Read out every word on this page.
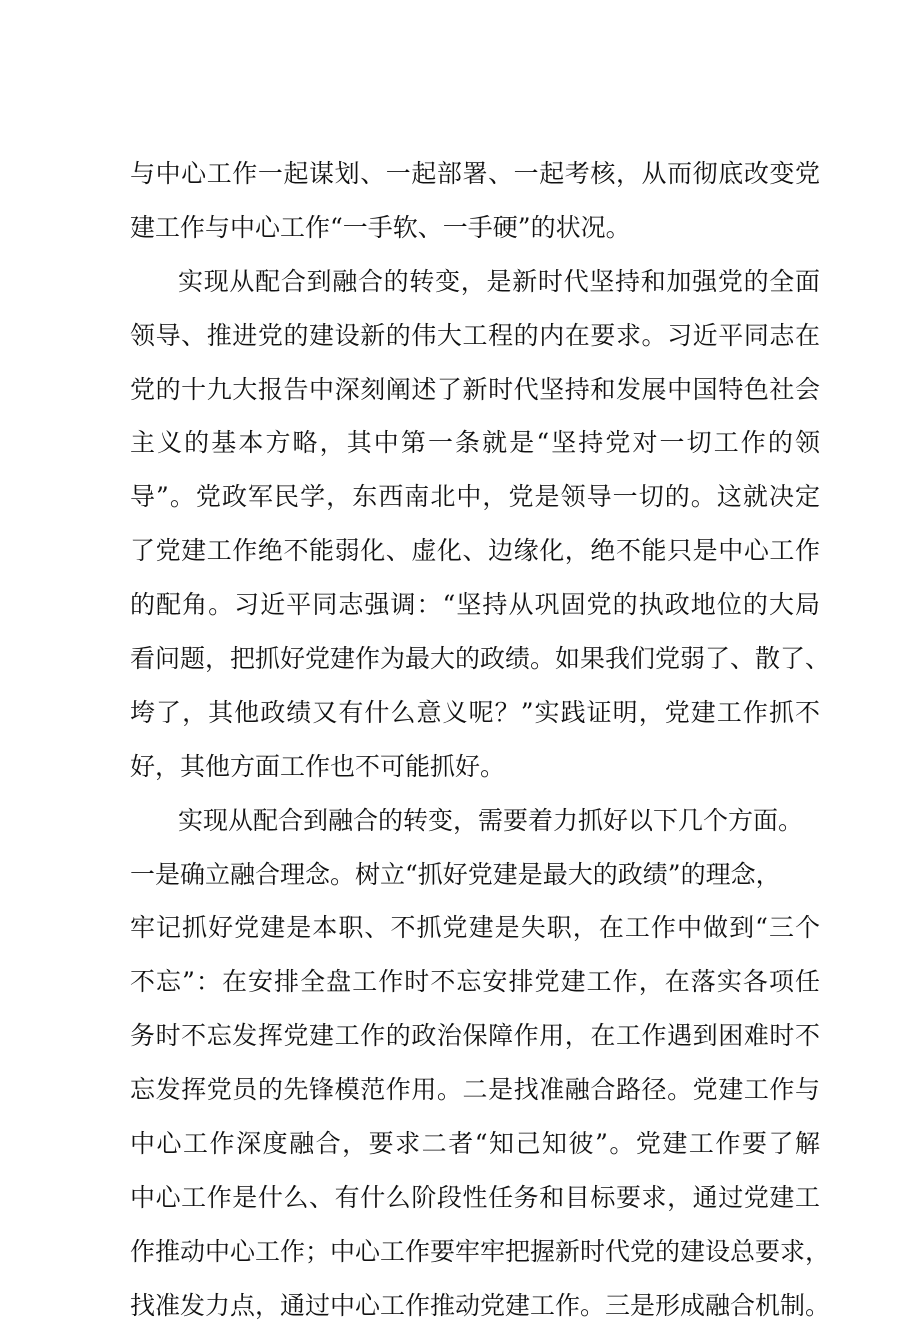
与中心工作一起谋划、一起部署、一起考核，从而彻底改变党
建工作与中心工作“一手软、一手硬”的状况。
实现从配合到融合的转变，是新时代坚持和加强党的全面
领导、推进党的建设新的伟大工程的内在要求。习近平同志在
党的十九大报告中深刻阐述了新时代坚持和发展中国特色社会
主义的基本方略，其中第一条就是“坚持党对一切工作的领
导”。党政军民学，东西南北中，党是领导一切的。这就决定
了党建工作绝不能弱化、虚化、边缘化，绝不能只是中心工作
的配角。习近平同志强调：“坚持从巩固党的执政地位的大局
看问题，把抓好党建作为最大的政绩。如果我们党弱了、散了、
垮了，其他政绩又有什么意义呢？”实践证明，党建工作抓不
好，其他方面工作也不可能抓好。
实现从配合到融合的转变，需要着力抓好以下几个方面。
一是确立融合理念。树立“抓好党建是最大的政绩”的理念，
牢记抓好党建是本职、不抓党建是失职，在工作中做到“三个
不忘”：在安排全盘工作时不忘安排党建工作，在落实各项任
务时不忘发挥党建工作的政治保障作用，在工作遇到困难时不
忘发挥党员的先锋模范作用。二是找准融合路径。党建工作与
中心工作深度融合，要求二者“知己知彼”。党建工作要了解
中心工作是什么、有什么阶段性任务和目标要求，通过党建工
作推动中心工作；中心工作要牢牢把握新时代党的建设总要求，
找准发力点，通过中心工作推动党建工作。三是形成融合机制。
